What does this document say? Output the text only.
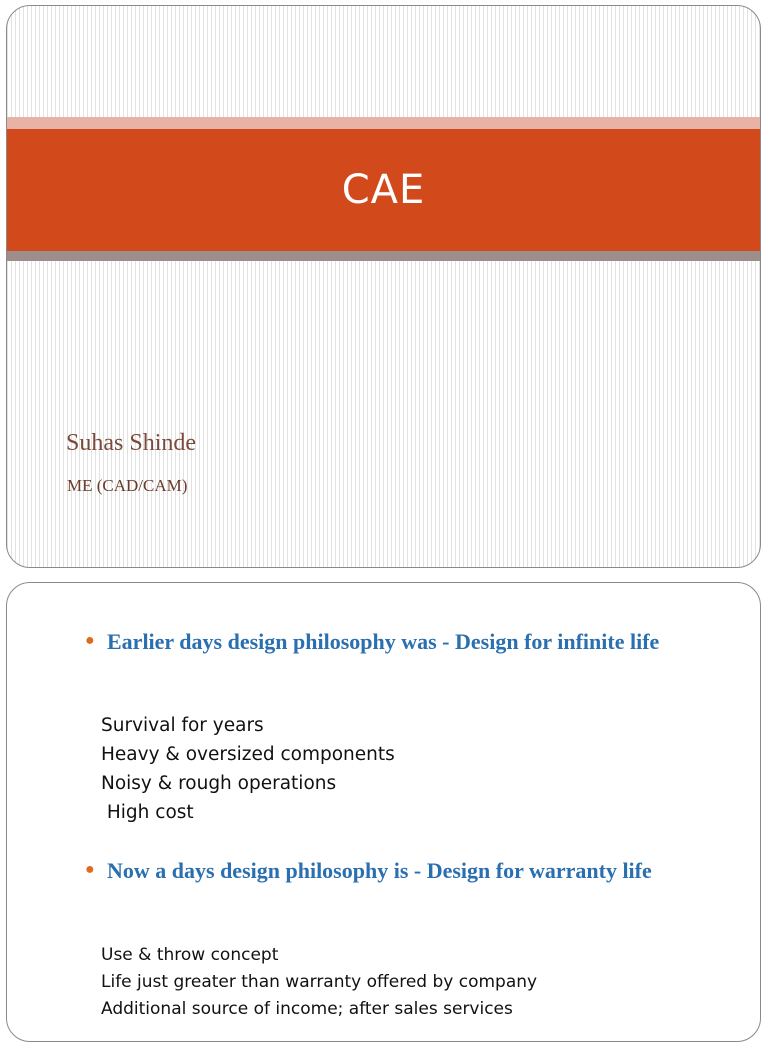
CAE
Suhas Shinde
ME (CAD/CAM)
● Earlier days design philosophy was - Design for infinite life
Survival for years
Heavy & oversized components
Noisy & rough operations
High cost
● Now a days design philosophy is - Design for warranty life
Use & throw concept
Life just greater than warranty offered by company
Additional source of income; after sales services
